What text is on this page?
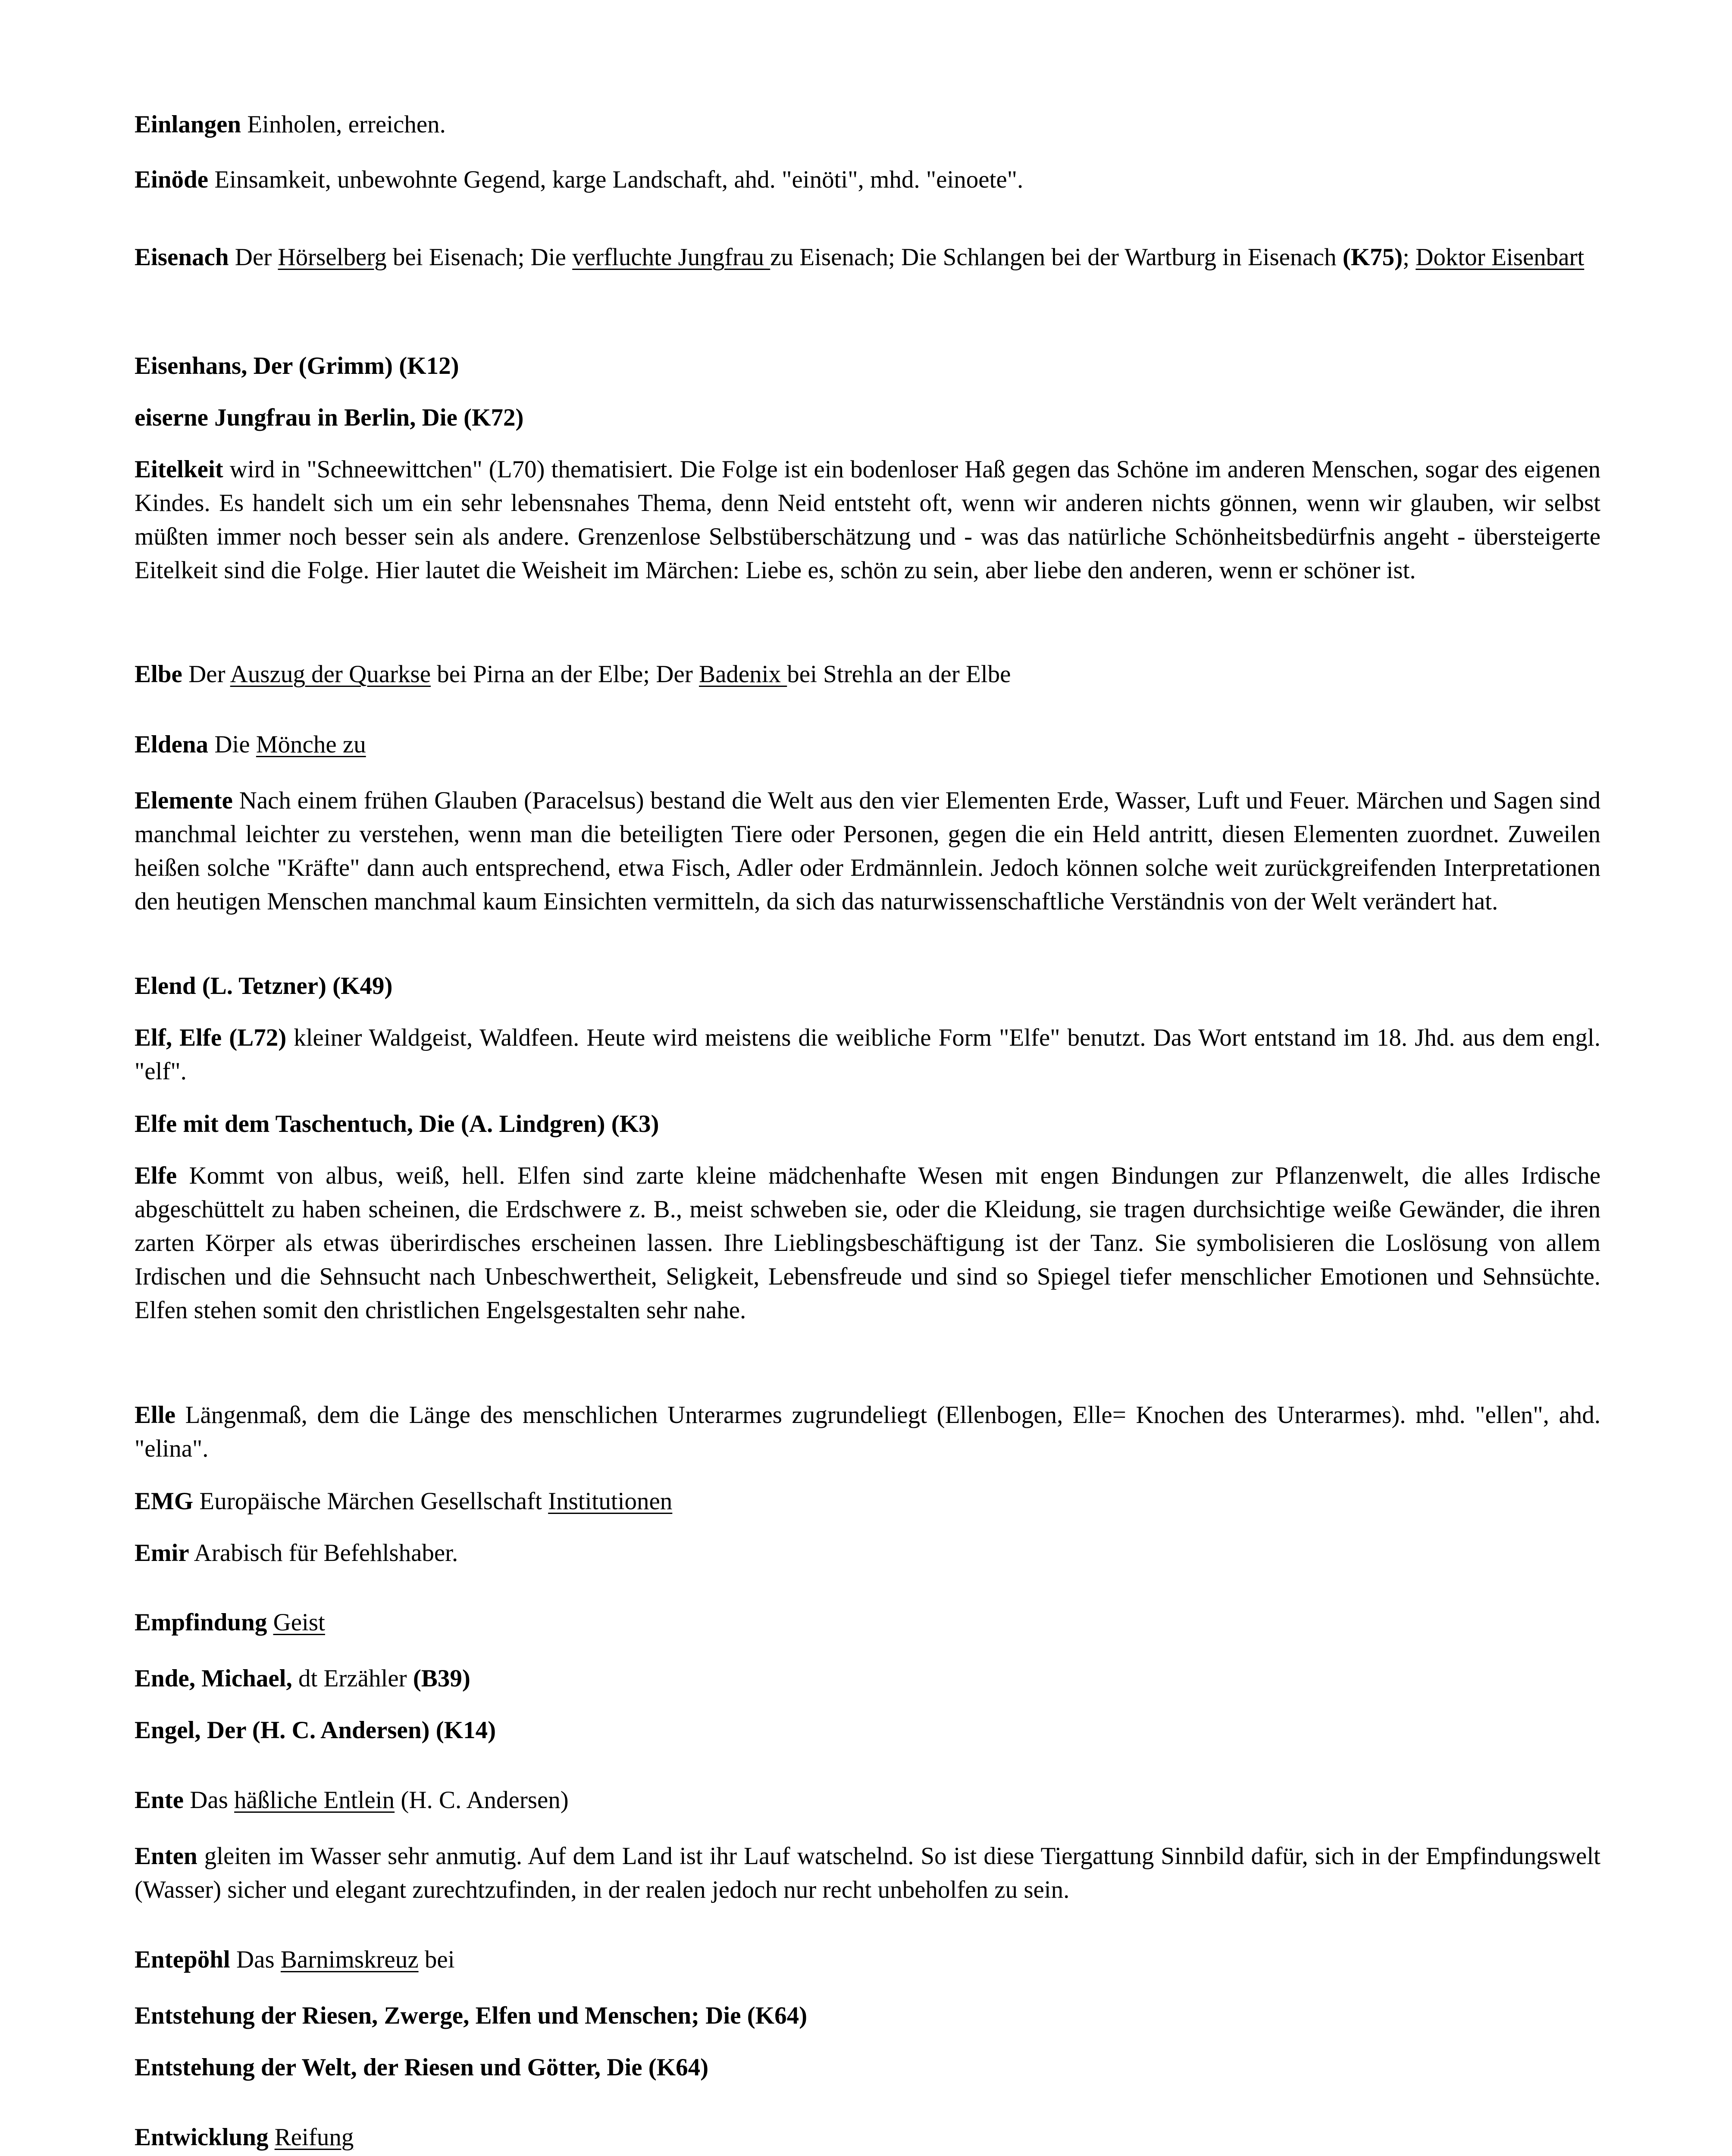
Einlangen Einholen, erreichen.

Einöde Einsamkeit, unbewohnte Gegend, karge Landschaft, ahd. "einöti", mhd. "einoete".

Eisenach Der Hörselberg bei Eisenach; Die verfluchte Jungfrau zu Eisenach; Die Schlangen bei der Wartburg in Eisenach (K75); Doktor Eisenbart

Eisenhans, Der (Grimm) (K12)

eiserne Jungfrau in Berlin, Die (K72)

Eitelkeit wird in "Schneewittchen" (L70) thematisiert. Die Folge ist ein bodenloser Haß gegen das Schöne im anderen Menschen, sogar des eigenen Kindes. Es handelt sich um ein sehr lebensnahes Thema, denn Neid entsteht oft, wenn wir anderen nichts gönnen, wenn wir glauben, wir selbst müßten immer noch besser sein als andere. Grenzenlose Selbstüberschätzung und - was das natürliche Schönheitsbedürfnis angeht - übersteigerte Eitelkeit sind die Folge. Hier lautet die Weisheit im Märchen: Liebe es, schön zu sein, aber liebe den anderen, wenn er schöner ist.

Elbe Der Auszug der Quarkse bei Pirna an der Elbe; Der Badenix bei Strehla an der Elbe

Eldena Die Mönche zu

Elemente Nach einem frühen Glauben (Paracelsus) bestand die Welt aus den vier Elementen Erde, Wasser, Luft und Feuer. Märchen und Sagen sind manchmal leichter zu verstehen, wenn man die beteiligten Tiere oder Personen, gegen die ein Held antritt, diesen Elementen zuordnet. Zuweilen heißen solche "Kräfte" dann auch entsprechend, etwa Fisch, Adler oder Erdmännlein. Jedoch können solche weit zurückgreifenden Interpretationen den heutigen Menschen manchmal kaum Einsichten vermitteln, da sich das naturwissenschaftliche Verständnis von der Welt verändert hat.

Elend (L. Tetzner) (K49)

Elf, Elfe (L72) kleiner Waldgeist, Waldfeen. Heute wird meistens die weibliche Form "Elfe" benutzt. Das Wort entstand im 18. Jhd. aus dem engl. "elf".

Elfe mit dem Taschentuch, Die (A. Lindgren) (K3)

Elfe Kommt von albus, weiß, hell. Elfen sind zarte kleine mädchenhafte Wesen mit engen Bindungen zur Pflanzenwelt, die alles Irdische abgeschüttelt zu haben scheinen, die Erdschwere z. B., meist schweben sie, oder die Kleidung, sie tragen durchsichtige weiße Gewänder, die ihren zarten Körper als etwas überirdisches erscheinen lassen. Ihre Lieblingsbeschäftigung ist der Tanz. Sie symbolisieren die Loslösung von allem Irdischen und die Sehnsucht nach Unbeschwertheit, Seligkeit, Lebensfreude und sind so Spiegel tiefer menschlicher Emotionen und Sehnsüchte. Elfen stehen somit den christlichen Engelsgestalten sehr nahe.

Elle Längenmaß, dem die Länge des menschlichen Unterarmes zugrundeliegt (Ellenbogen, Elle= Knochen des Unterarmes). mhd. "ellen", ahd. "elina".

EMG Europäische Märchen Gesellschaft Institutionen

Emir Arabisch für Befehlshaber.

Empfindung Geist

Ende, Michael, dt Erzähler (B39)

Engel, Der (H. C. Andersen) (K14)

Ente Das häßliche Entlein (H. C. Andersen)

Enten gleiten im Wasser sehr anmutig. Auf dem Land ist ihr Lauf watschelnd. So ist diese Tiergattung Sinnbild dafür, sich in der Empfindungswelt (Wasser) sicher und elegant zurechtzufinden, in der realen jedoch nur recht unbeholfen zu sein.

Entepöhl Das Barnimskreuz bei

Entstehung der Riesen, Zwerge, Elfen und Menschen; Die (K64)

Entstehung der Welt, der Riesen und Götter, Die (K64)

Entwicklung Reifung
